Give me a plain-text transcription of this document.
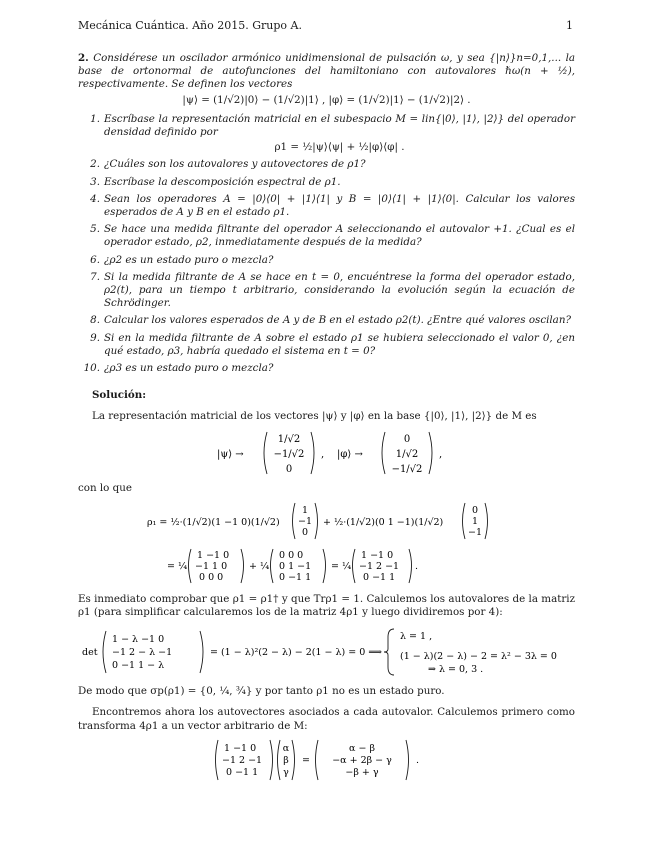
Mecánica Cuántica. Año 2015. Grupo A.	1
2. Considérese un oscilador armónico unidimensional de pulsación ω, y sea {|n⟩}n=0,1,... la base de ortonormal de autofunciones del hamiltoniano con autovalores ℏω(n + ½), respectivamente. Se definen los vectores
|ψ⟩ = (1/√2)|0⟩ − (1/√2)|1⟩ , |φ⟩ = (1/√2)|1⟩ − (1/√2)|2⟩ .
1. Escríbase la representación matricial en el subespacio M = lin{|0⟩, |1⟩, |2⟩} del operador densidad definido por
ρ1 = ½|ψ⟩⟨ψ| + ½|φ⟩⟨φ| .
2. ¿Cuáles son los autovalores y autovectores de ρ1?
3. Escríbase la descomposición espectral de ρ1.
4. Sean los operadores A = |0⟩⟨0| + |1⟩⟨1| y B = |0⟩⟨1| + |1⟩⟨0|. Calcular los valores esperados de A y B en el estado ρ1.
5. Se hace una medida filtrante del operador A seleccionando el autovalor +1. ¿Cual es el operador estado, ρ2, inmediatamente después de la medida?
6. ¿ρ2 es un estado puro o mezcla?
7. Si la medida filtrante de A se hace en t = 0, encuéntrese la forma del operador estado, ρ2(t), para un tiempo t arbitrario, considerando la evolución según la ecuación de Schrödinger.
8. Calcular los valores esperados de A y de B en el estado ρ2(t). ¿Entre qué valores oscilan?
9. Si en la medida filtrante de A sobre el estado ρ1 se hubiera seleccionado el valor 0, ¿en qué estado, ρ3, habría quedado el sistema en t = 0?
10. ¿ρ3 es un estado puro o mezcla?
Solución:
La representación matricial de los vectores |ψ⟩ y |φ⟩ en la base {|0⟩, |1⟩, |2⟩} de M es
|ψ⟩ →
1/√2
−1/√2
0
, |φ⟩ →
0
1/√2
−1/√2
,
con lo que
ρ₁ = ½·(1/√2)(1 −1 0)(1/√2)
1
−1
0
+ ½·(1/√2)(0 1 −1)(1/√2)
0
1
−1
= ¼
1 −1 0
−1 1 0
0 0 0
+ ¼
0 0 0
0 1 −1
0 −1 1
= ¼
1 −1 0
−1 2 −1
0 −1 1
.
Es inmediato comprobar que ρ1 = ρ1† y que Trρ1 = 1. Calculemos los autovalores de la matriz ρ1 (para simplificar calcularemos los de la matriz 4ρ1 y luego dividiremos por 4):
det
1 − λ −1 0
−1 2 − λ −1
0 −1 1 − λ
= (1 − λ)²(2 − λ) − 2(1 − λ) = 0 ⟹
λ = 1 ,
(1 − λ)(2 − λ) − 2 = λ² − 3λ = 0
⇒ λ = 0, 3 .
De modo que σp(ρ1) = {0, ¼, ¾} y por tanto ρ1 no es un estado puro.
Encontremos ahora los autovectores asociados a cada autovalor. Calculemos primero como transforma 4ρ1 a un vector arbitrario de M:
1 −1 0
−1 2 −1
0 −1 1
α
β
γ
=
α − β
−α + 2β − γ
−β + γ
.
